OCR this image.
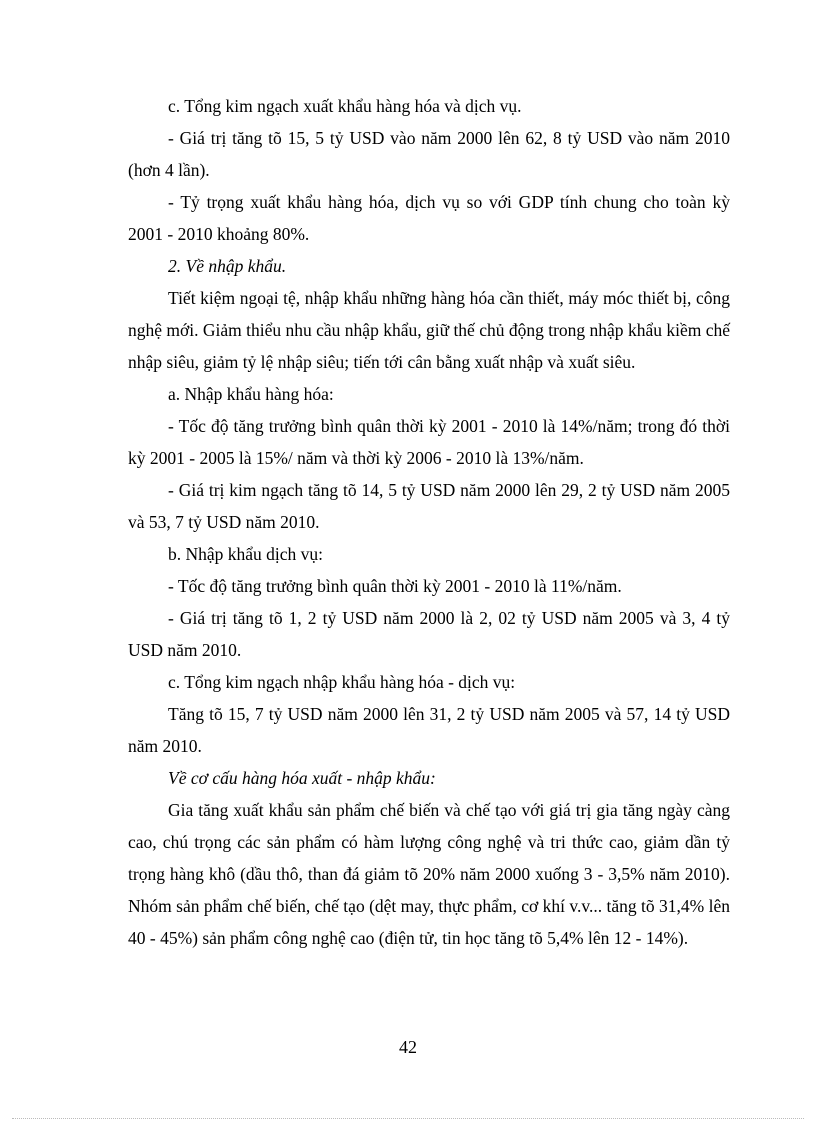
c. Tổng kim ngạch xuất khẩu hàng hóa và dịch vụ.

- Giá trị tăng tõ 15, 5 tỷ USD vào năm 2000 lên 62, 8 tỷ USD vào năm 2010 (hơn 4 lần).

- Tỷ trọng xuất khẩu hàng hóa, dịch vụ so với GDP tính chung cho toàn kỳ 2001 - 2010 khoảng 80%.

2. Về nhập khẩu.

Tiết kiệm ngoại tệ, nhập khẩu những hàng hóa cần thiết, máy móc thiết bị, công nghệ mới. Giảm thiểu nhu cầu nhập khẩu, giữ thế chủ động trong nhập khẩu kiềm chế nhập siêu, giảm tỷ lệ nhập siêu; tiến tới cân bằng xuất nhập và xuất siêu.

a. Nhập khẩu hàng hóa:

- Tốc độ tăng trưởng bình quân thời kỳ 2001 - 2010 là 14%/năm; trong đó thời kỳ 2001 - 2005 là 15%/ năm và thời kỳ 2006 - 2010 là 13%/năm.

- Giá trị kim ngạch tăng tõ 14, 5 tỷ USD năm 2000 lên 29, 2 tỷ USD năm 2005 và 53, 7 tỷ USD năm 2010.

b. Nhập khẩu dịch vụ:

- Tốc độ tăng trưởng bình quân thời kỳ 2001 - 2010 là 11%/năm.

- Giá trị tăng tõ 1, 2 tỷ USD năm 2000 là 2, 02 tỷ USD năm 2005 và 3, 4 tỷ USD năm 2010.

c. Tổng kim ngạch nhập khẩu hàng hóa - dịch vụ:

Tăng tõ 15, 7 tỷ USD năm 2000 lên 31, 2 tỷ USD năm 2005 và 57, 14 tỷ USD năm 2010.

Về cơ cấu hàng hóa xuất - nhập khẩu:

Gia tăng xuất khẩu sản phẩm chế biến và chế tạo với giá trị gia tăng ngày càng cao, chú trọng các sản phẩm có hàm lượng công nghệ và tri thức cao, giảm dần tỷ trọng hàng khô (dầu thô, than đá giảm tõ 20% năm 2000 xuống 3 - 3,5% năm 2010). Nhóm sản phẩm chế biến, chế tạo (dệt may, thực phẩm, cơ khí v.v... tăng tõ 31,4% lên 40 - 45%) sản phẩm công nghệ cao (điện tử, tin học tăng tõ 5,4% lên 12 - 14%).

42
